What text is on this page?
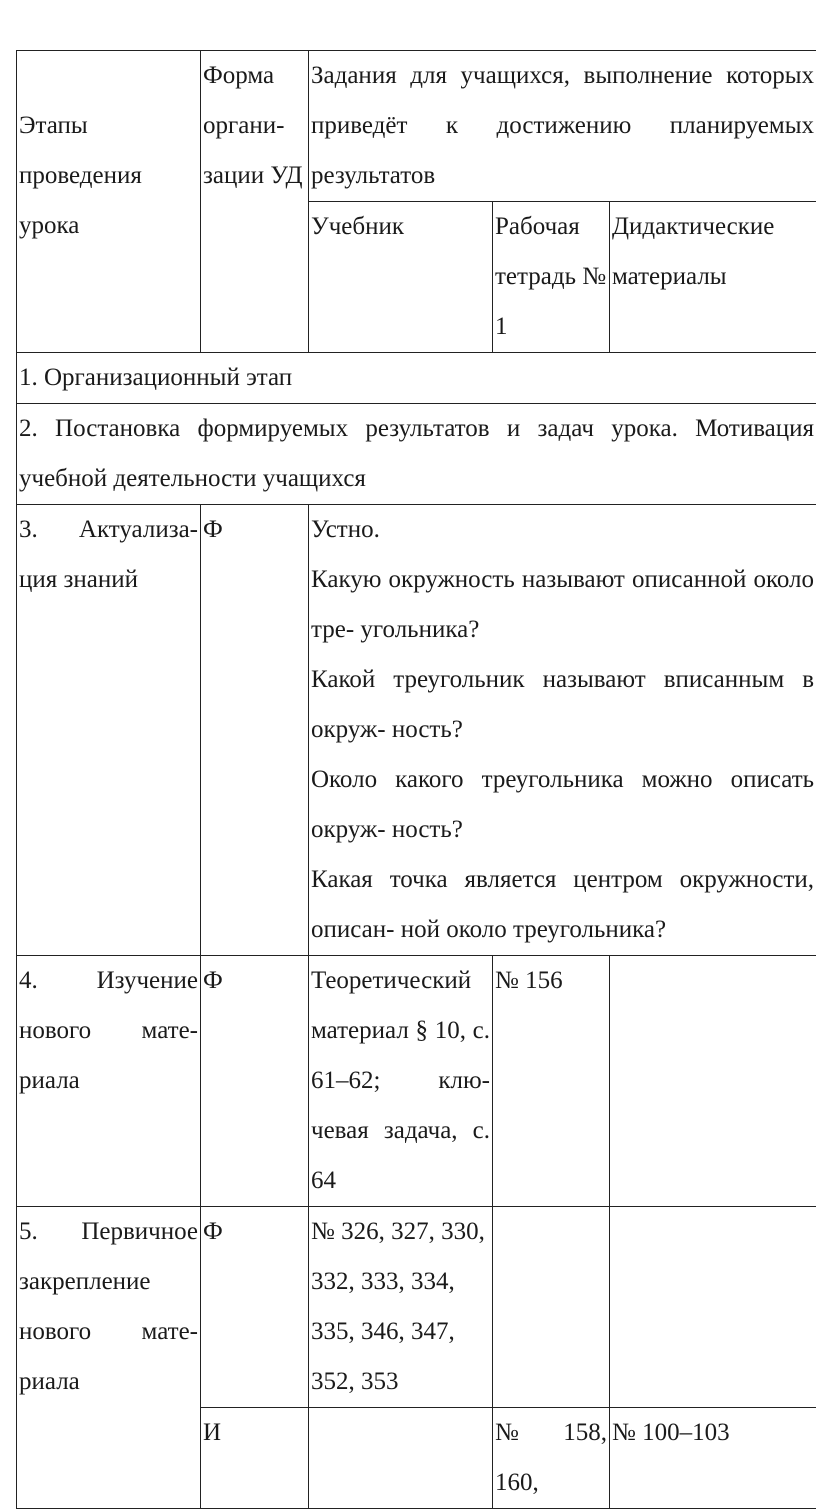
Этапы проведения урока	Форма органи-зации УД	Задания для учащихся, выполнение которых приведёт к достижению планируемых результатов		
		Учебник	Рабочая тетрадь № 1	Дидактические материалы
1. Организационный этап				
2. Постановка формируемых результатов и задач урока. Мотивация учебной деятельности учащихся				
3. Актуализа-ция знаний	Ф	Устно.
Какую окружность называют описанной около тре- угольника?
Какой треугольник называют вписанным в окруж- ность?
Около какого треугольника можно описать окруж- ность?
Какая точка является центром окружности, описан- ной около треугольника?		

4. Изучение нового мате-риала	Ф	Теоретический материал § 10, с. 61–62; клю-чевая задача, с. 64	№ 156	
5. Первичное закрепление нового мате-риала	Ф	№ 326, 327, 330, 332, 333, 334, 335, 346, 347, 352, 353		
	И		№ 158, 160,	№ 100–103
